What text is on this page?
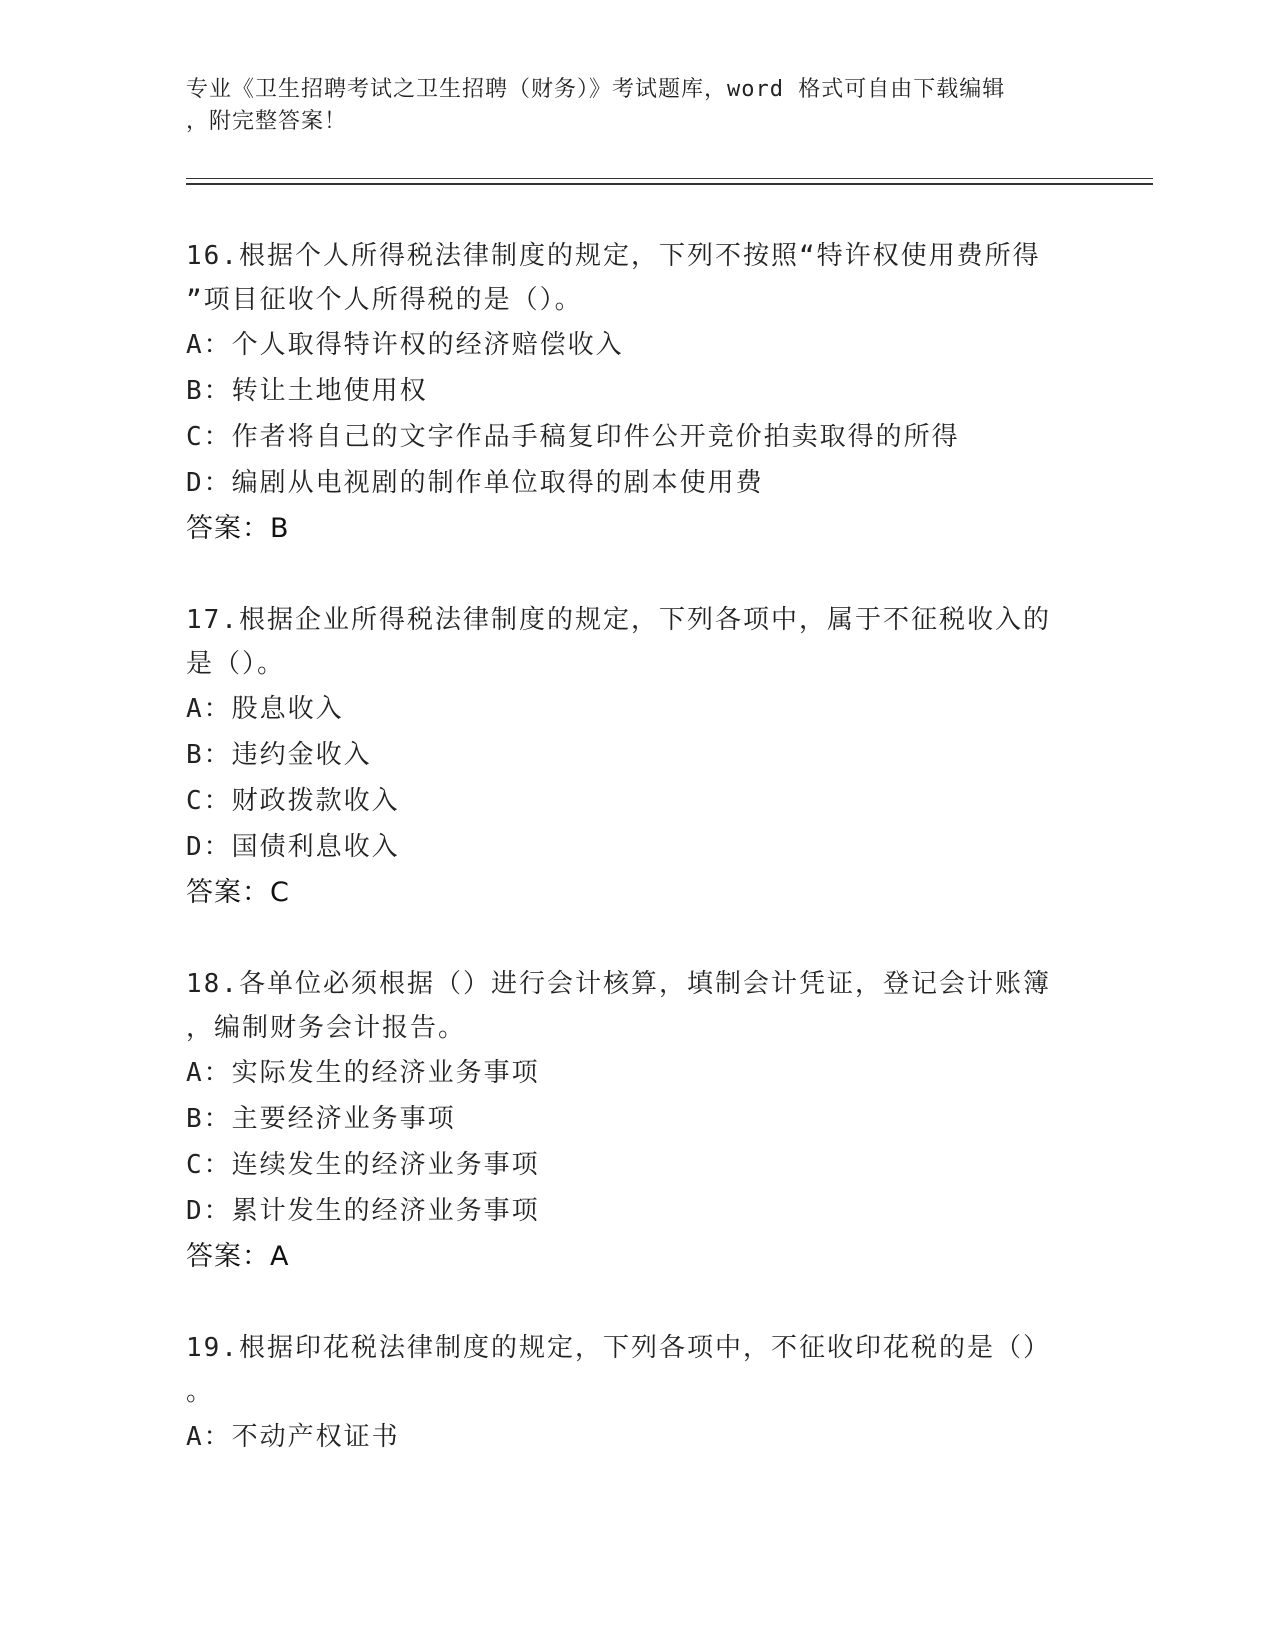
专业《卫生招聘考试之卫生招聘（财务）》考试题库，word 格式可自由下载编辑
，附完整答案！
16.根据个人所得税法律制度的规定，下列不按照“特许权使用费所得
”项目征收个人所得税的是（）。
A：个人取得特许权的经济赔偿收入
B：转让土地使用权
C：作者将自己的文字作品手稿复印件公开竞价拍卖取得的所得
D：编剧从电视剧的制作单位取得的剧本使用费
答案：B
17.根据企业所得税法律制度的规定，下列各项中，属于不征税收入的
是（）。
A：股息收入
B：违约金收入
C：财政拨款收入
D：国债利息收入
答案：C
18.各单位必须根据（）进行会计核算，填制会计凭证，登记会计账簿
，编制财务会计报告。
A：实际发生的经济业务事项
B：主要经济业务事项
C：连续发生的经济业务事项
D：累计发生的经济业务事项
答案：A
19.根据印花税法律制度的规定，下列各项中，不征收印花税的是（）
。
A：不动产权证书
